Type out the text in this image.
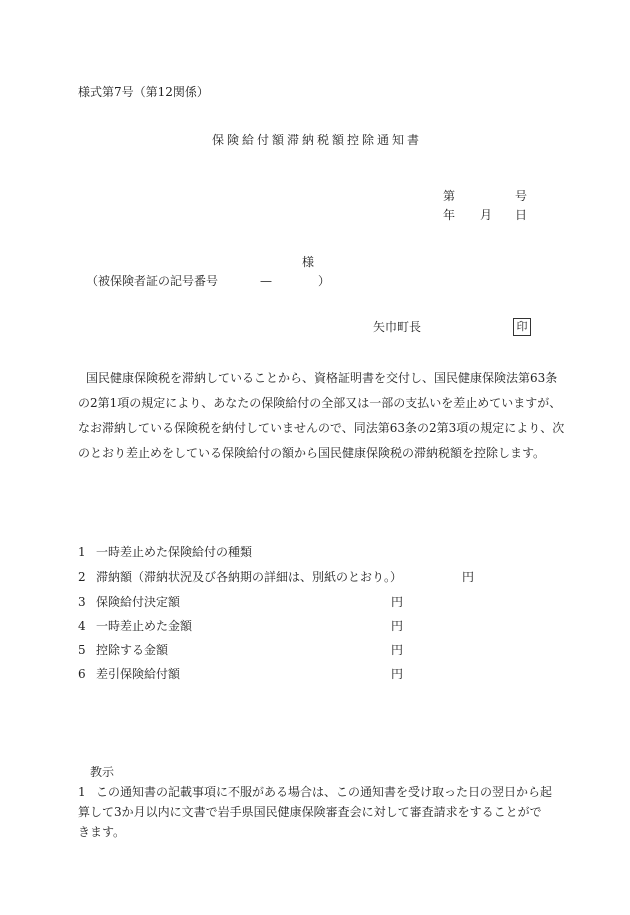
様式第7号（第12関係）
保険給付額滞納税額控除通知書
第	号
年 月 日
様
（被保険者証の記号番号	—	）
矢巾町長	印
国民健康保険税を滞納していることから、資格証明書を交付し、国民健康保険法第63条
の2第1項の規定により、あなたの保険給付の全部又は一部の支払いを差止めていますが、
なお滞納している保険税を納付していませんので、同法第63条の2第3項の規定により、次
のとおり差止めをしている保険給付の額から国民健康保険税の滞納税額を控除します。
1 一時差止めた保険給付の種類
2 滞納額（滞納状況及び各納期の詳細は、別紙のとおり。）	円
3 保険給付決定額	円
4 一時差止めた金額	円
5 控除する金額	円
6 差引保険給付額	円
教示
1 この通知書の記載事項に不服がある場合は、この通知書を受け取った日の翌日から起
算して3か月以内に文書で岩手県国民健康保険審査会に対して審査請求をすることがで
きます。
